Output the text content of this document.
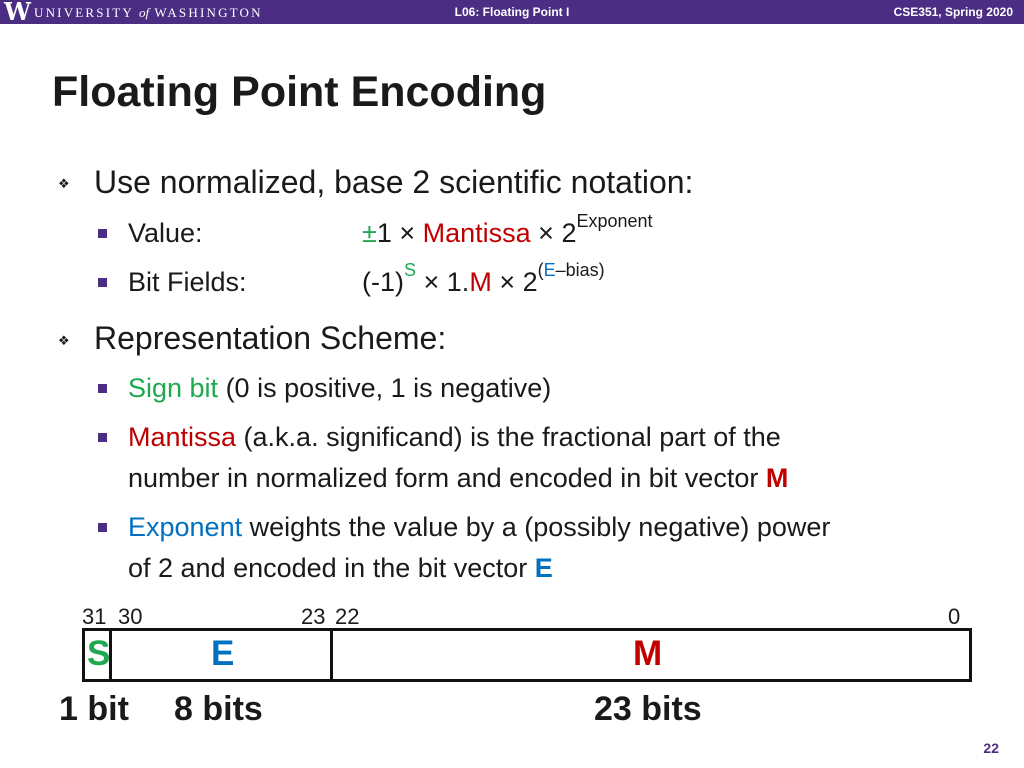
W UNIVERSITY of WASHINGTON	L06: Floating Point I	CSE351, Spring 2020
Floating Point Encoding
❖ Use normalized, base 2 scientific notation:
Value:	±1 × Mantissa × $2^{Exponent}$
Bit Fields:	$(-1)^S \times 1.M \times 2^{(E-bias)}$
❖ Representation Scheme:
Sign bit (0 is positive, 1 is negative)
Mantissa (a.k.a. significand) is the fractional part of the
number in normalized form and encoded in bit vector M
Exponent weights the value by a (possibly negative) power
of 2 and encoded in the bit vector E
31 30	23 22	0
S	E	M
1 bit 8 bits	23 bits
22
